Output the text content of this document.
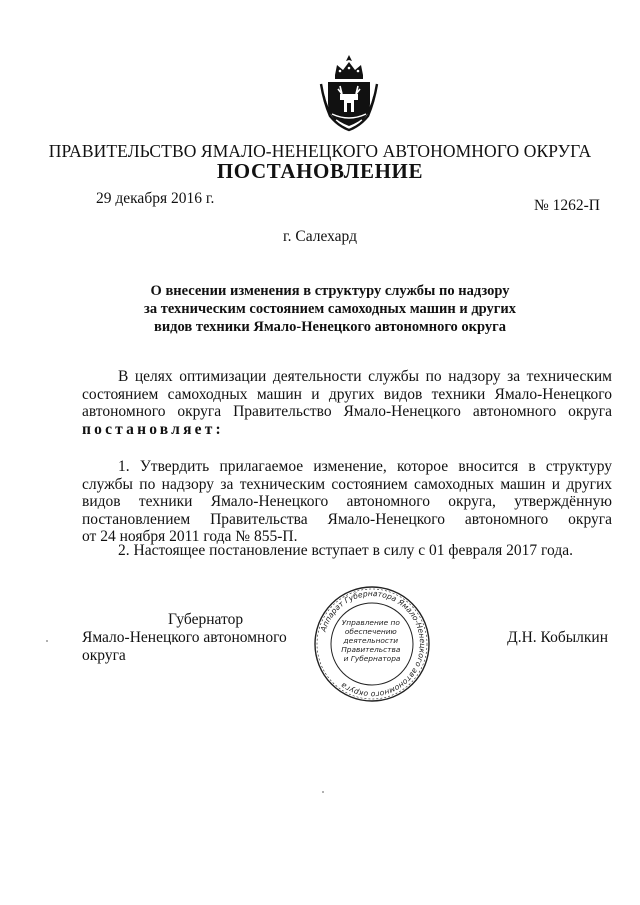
ПРАВИТЕЛЬСТВО ЯМАЛО-НЕНЕЦКОГО АВТОНОМНОГО ОКРУГА
ПОСТАНОВЛЕНИЕ
29 декабря 2016 г.	№ 1262-П
г. Салехард
О внесении изменения в структуру службы по надзору
за техническим состоянием самоходных машин и других
видов техники Ямало-Ненецкого автономного округа
В целях оптимизации деятельности службы по надзору за техническим
состоянием самоходных машин и других видов техники Ямало-Ненецкого
автономного округа Правительство Ямало-Ненецкого автономного округа
постановляет:
1. Утвердить прилагаемое изменение, которое вносится в структуру
службы по надзору за техническим состоянием самоходных машин и других
видов техники Ямало-Ненецкого автономного округа, утверждённую
постановлением Правительства Ямало-Ненецкого автономного округа
от 24 ноября 2011 года № 855-П.
2. Настоящее постановление вступает в силу с 01 февраля 2017 года.
Губернатор
Ямало-Ненецкого автономного округа
Д.Н. Кобылкин
Аппарат Губернатора Ямало-Ненецкого автономного округа
Управление по обеспечению деятельности Правительства и Губернатора
